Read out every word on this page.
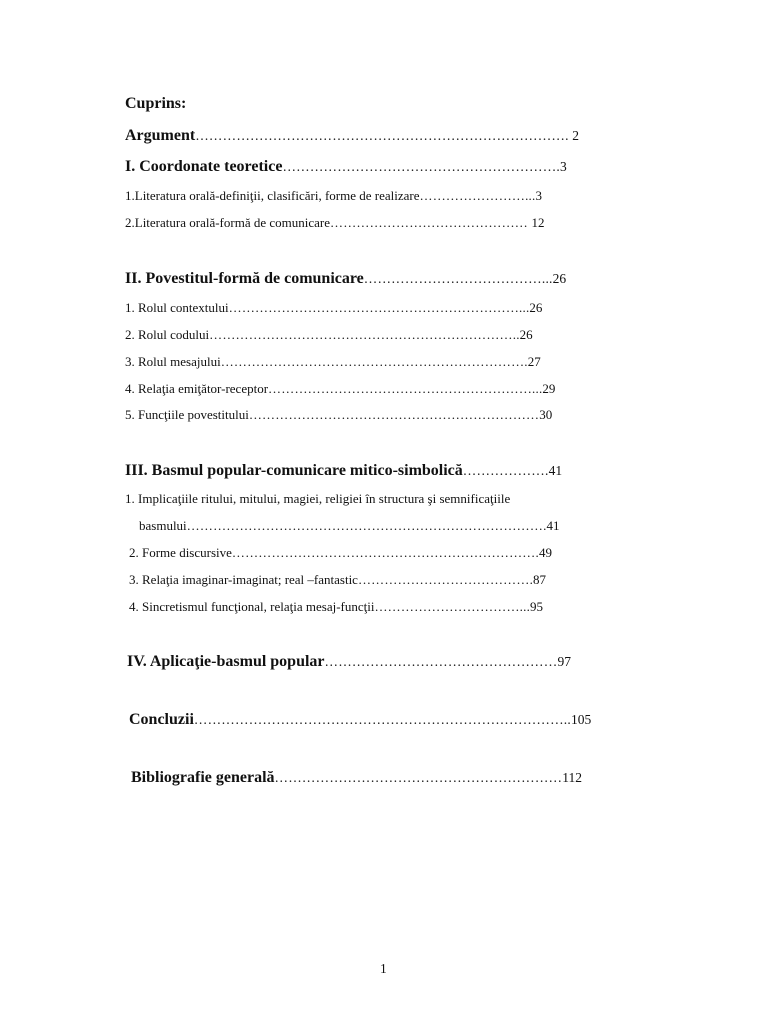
Cuprins:
Argument………………………………………………………………………. 2
I. Coordonate teoretice…………………………………………………….3
1.Literatura orală-definiţii, clasificări, forme de realizare……………………...3
2.Literatura orală-formă de comunicare……………………………………… 12
II. Povestitul-formă de comunicare…………………………………...26
1. Rolul contextului…………………………………………………………...26
2. Rolul codului……………………………………………………………..26
3. Rolul mesajului…………………………………………………………….27
4. Relaţia emiţător-receptor……………………………………………………...29
5. Funcţiile povestitului…………………………………………………………30
III. Basmul popular-comunicare mitico-simbolică……………….41
1. Implicaţiile ritului, mitului, magiei, religiei în structura şi semnificaţiile
basmului……………………………………………………………………….41
2. Forme discursive…………………………………………………………….49
3. Relaţia imaginar-imaginat; real –fantastic………………………………….87
4. Sincretismul funcţional, relaţia mesaj-funcţii……………………………...95
IV. Aplicaţie-basmul popular……………………………………………97
Concluzii………………………………………………………………………..105
Bibliografie generală………………………………………………………112
1
